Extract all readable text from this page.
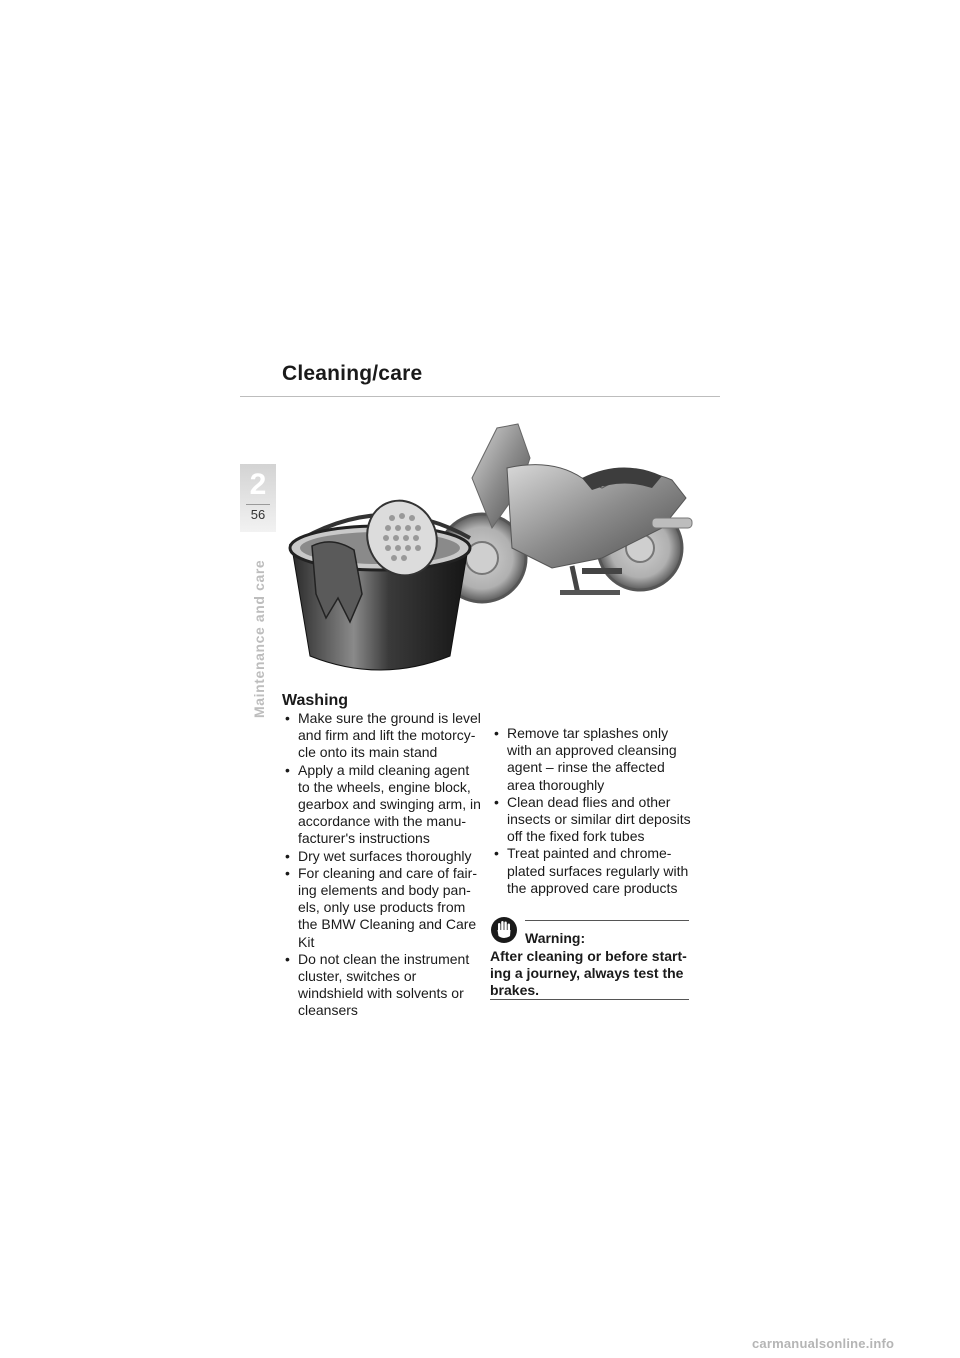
Cleaning/care
2
56
Maintenance and care Washing
• Make sure the ground is level and firm and lift the motorcy-cle onto its main stand
• Apply a mild cleaning agent to the wheels, engine block, gearbox and swinging arm, in accordance with the manu-facturer's instructions
• Dry wet surfaces thoroughly
• For cleaning and care of fair-ing elements and body pan-els, only use products from the BMW Cleaning and Care Kit
• Do not clean the instrument cluster, switches or windshield with solvents or cleansers
• Remove tar splashes only with an approved cleansing agent – rinse the affected area thoroughly
• Clean dead flies and other insects or similar dirt deposits off the fixed fork tubes
• Treat painted and chrome-plated surfaces regularly with the approved care products
Warning:
After cleaning or before start-ing a journey, always test the brakes.
carmanualsonline.info
